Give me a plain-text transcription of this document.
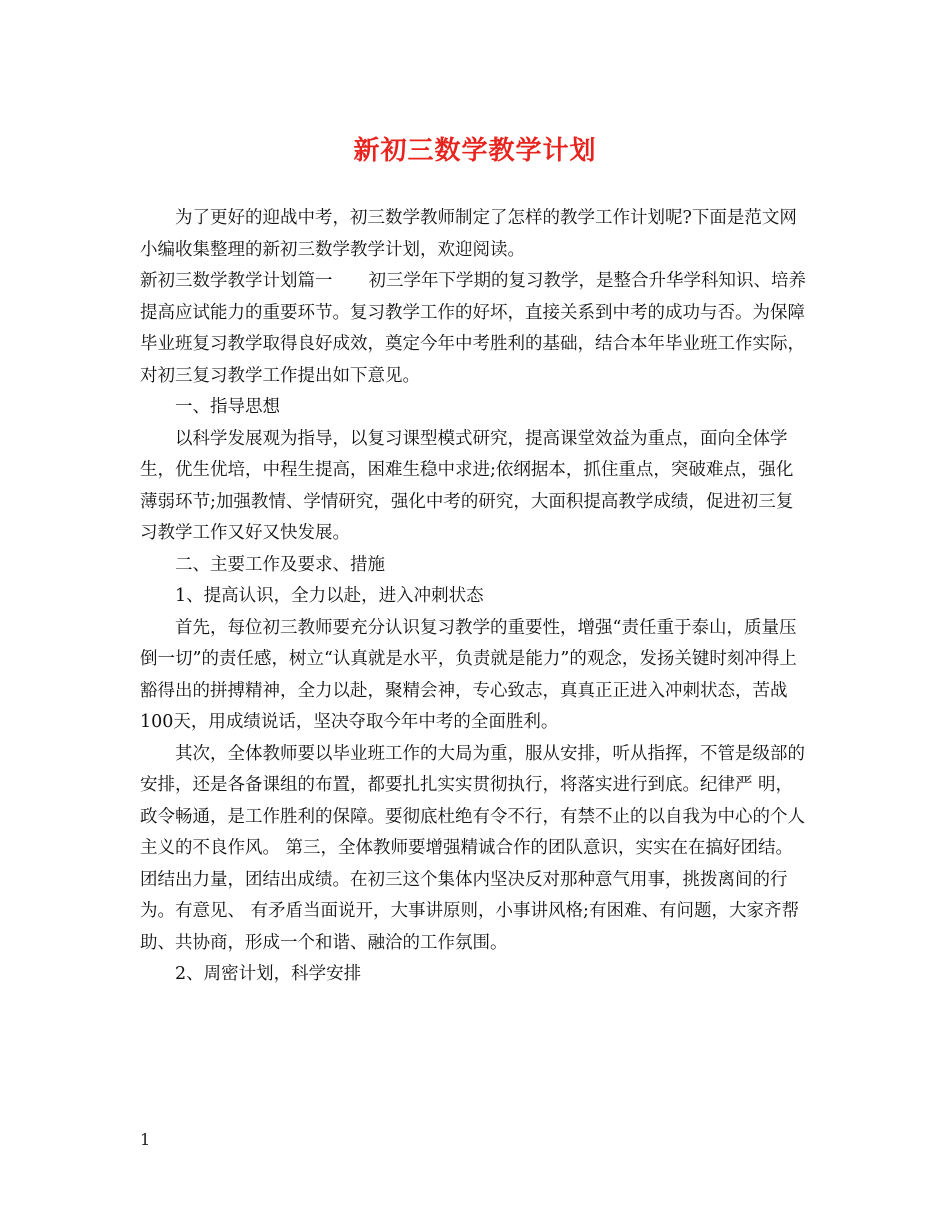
新初三数学教学计划

为了更好的迎战中考，初三数学教师制定了怎样的教学工作计划呢?下面是范文网小编收集整理的新初三数学教学计划，欢迎阅读。

新初三数学教学计划篇一 初三学年下学期的复习教学，是整合升华学科知识、培养提高应试能力的重要环节。复习教学工作的好坏，直接关系到中考的成功与否。为保障毕业班复习教学取得良好成效，奠定今年中考胜利的基础，结合本年毕业班工作实际，对初三复习教学工作提出如下意见。

一、指导思想

以科学发展观为指导，以复习课型模式研究，提高课堂效益为重点，面向全体学生，优生优培，中程生提高，困难生稳中求进;依纲据本，抓住重点，突破难点，强化薄弱环节;加强教情、学情研究，强化中考的研究，大面积提高教学成绩，促进初三复习教学工作又好又快发展。

二、主要工作及要求、措施

1、提高认识，全力以赴，进入冲刺状态

首先，每位初三教师要充分认识复习教学的重要性，增强“责任重于泰山，质量压倒一切”的责任感，树立“认真就是水平，负责就是能力”的观念，发扬关键时刻冲得上豁得出的拼搏精神，全力以赴，聚精会神，专心致志，真真正正进入冲刺状态，苦战100天，用成绩说话，坚决夺取今年中考的全面胜利。

其次，全体教师要以毕业班工作的大局为重，服从安排，听从指挥，不管是级部的安排，还是各备课组的布置，都要扎扎实实贯彻执行，将落实进行到底。纪律严 明，政令畅通，是工作胜利的保障。要彻底杜绝有令不行，有禁不止的以自我为中心的个人主义的不良作风。 第三，全体教师要增强精诚合作的团队意识，实实在在搞好团结。团结出力量，团结出成绩。在初三这个集体内坚决反对那种意气用事，挑拨离间的行为。有意见、 有矛盾当面说开，大事讲原则，小事讲风格;有困难、有问题，大家齐帮助、共协商，形成一个和谐、融洽的工作氛围。

2、周密计划，科学安排

1
